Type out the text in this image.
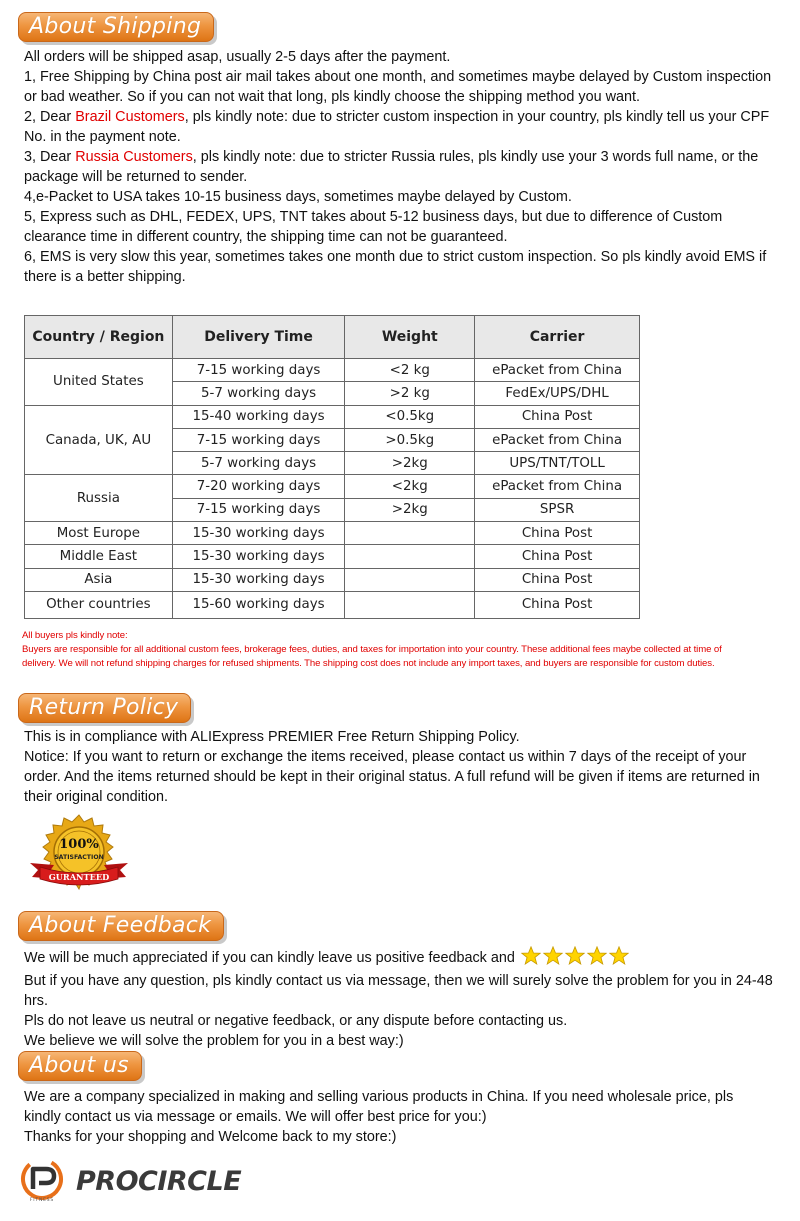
About Shipping

All orders will be shipped asap, usually 2-5 days after the payment.

1, Free Shipping by China post air mail takes about one month, and sometimes maybe delayed by Custom inspection or bad weather. So if you can not wait that long, pls kindly choose the shipping method you want.

2, Dear Brazil Customers, pls kindly note: due to stricter custom inspection in your country, pls kindly tell us your CPF No. in the payment note.

3, Dear Russia Customers, pls kindly note: due to stricter Russia rules, pls kindly use your 3 words full name, or the package will be returned to sender.

4,e-Packet to USA takes 10-15 business days, sometimes maybe delayed by Custom.

5, Express such as DHL, FEDEX, UPS, TNT takes about 5-12 business days, but due to difference of Custom clearance time in different country, the shipping time can not be guaranteed.

6, EMS is very slow this year, sometimes takes one month due to strict custom inspection. So pls kindly avoid EMS if there is a better shipping.

Country / Region	Delivery Time	Weight	Carrier
United States	7-15 working days	<2 kg	ePacket from China
	5-7 working days	>2 kg	FedEx/UPS/DHL
Canada, UK, AU	15-40 working days	<0.5kg	China Post
	7-15 working days	>0.5kg	ePacket from China
	5-7 working days	>2kg	UPS/TNT/TOLL
Russia	7-20 working days	<2kg	ePacket from China
	7-15 working days	>2kg	SPSR
Most Europe	15-30 working days		China Post
Middle East	15-30 working days		China Post
Asia	15-30 working days		China Post
Other countries	15-60 working days		China Post
All buyers pls kindly note:
Buyers are responsible for all additional custom fees, brokerage fees, duties, and taxes for importation into your country. These additional fees maybe collected at time of delivery. We will not refund shipping charges for refused shipments. The shipping cost does not include any import taxes, and buyers are responsible for custom duties.
Return Policy

This is in compliance with ALIExpress PREMIER Free Return Shipping Policy.

Notice: If you want to return or exchange the items received, please contact us within 7 days of the receipt of your order. And the items returned should be kept in their original status. A full refund will be given if items are returned in their original condition.

100%
SATISFACTION
GURANTEED
About Feedback

We will be much appreciated if you can kindly leave us positive feedback and

But if you have any question, pls kindly contact us via message, then we will surely solve the problem for you in 24-48 hrs.

Pls do not leave us neutral or negative feedback, or any dispute before contacting us.

We believe we will solve the problem for you in a best way:)

About us

We are a company specialized in making and selling various products in China. If you need wholesale price, pls kindly contact us via message or emails. We will offer best price for you:)

Thanks for your shopping and Welcome back to my store:)

FITNESS
PROCIRCLE
